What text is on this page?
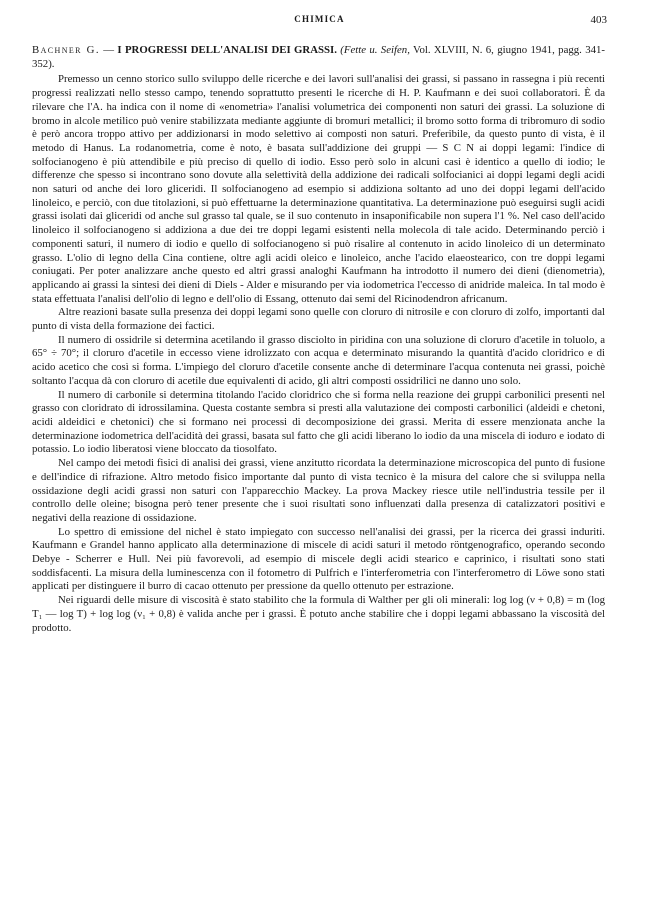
CHIMICA	403

Bachner G. — I PROGRESSI DELL'ANALISI DEI GRASSI. (Fette u. Seifen, Vol. XLVIII, N. 6, giugno 1941, pagg. 341-352).

Premesso un cenno storico sullo sviluppo delle ricerche e dei lavori sull'analisi dei grassi, si passano in rassegna i più recenti progressi realizzati nello stesso campo, tenendo soprattutto presenti le ricerche di H. P. Kaufmann e dei suoi collaboratori. È da rilevare che l'A. ha indica con il nome di «enometria» l'analisi volumetrica dei componenti non saturi dei grassi. La soluzione di bromo in alcole metilico può venire stabilizzata mediante aggiunte di bromuri metallici; il bromo sotto forma di tribromuro di sodio è però ancora troppo attivo per addizionarsi in modo selettivo ai composti non saturi. Preferibile, da questo punto di vista, è il metodo di Hanus. La rodanometria, come è noto, è basata sull'addizione dei gruppi — S C N ai doppi legami: l'indice di solfocianogeno è più attendibile e più preciso di quello di iodio. Esso però solo in alcuni casi è identico a quello di iodio; le differenze che spesso si incontrano sono dovute alla selettività della addizione dei radicali solfocianici ai doppi legami degli acidi non saturi od anche dei loro gliceridi. Il solfocianogeno ad esempio si addiziona soltanto ad uno dei doppi legami dell'acido linoleico, e perciò, con due titolazioni, si può effettuarne la determinazione quantitativa. La determinazione può eseguirsi sugli acidi grassi isolati dai gliceridi od anche sul grasso tal quale, se il suo contenuto in insaponificabile non supera l'1 %. Nel caso dell'acido linoleico il solfocianogeno si addiziona a due dei tre doppi legami esistenti nella molecola di tale acido. Determinando perciò i componenti saturi, il numero di iodio e quello di solfocianogeno si può risalire al contenuto in acido linoleico di un determinato grasso. L'olio di legno della Cina contiene, oltre agli acidi oleico e linoleico, anche l'acido elaeostearico, con tre doppi legami coniugati. Per poter analizzare anche questo ed altri grassi analoghi Kaufmann ha introdotto il numero dei dieni (dienometria), applicando ai grassi la sintesi dei dieni di Diels - Alder e misurando per via iodometrica l'eccesso di anidride maleica. In tal modo è stata effettuata l'analisi dell'olio di legno e dell'olio di Essang, ottenuto dai semi del Ricinodendron africanum.

Altre reazioni basate sulla presenza dei doppi legami sono quelle con cloruro di nitrosile e con cloruro di zolfo, importanti dal punto di vista della formazione dei factici.

Il numero di ossidrile si determina acetilando il grasso disciolto in piridina con una soluzione di cloruro d'acetile in toluolo, a 65° ÷ 70°; il cloruro d'acetile in eccesso viene idrolizzato con acqua e determinato misurando la quantità d'acido cloridrico e di acido acetico che così si forma. L'impiego del cloruro d'acetile consente anche di determinare l'acqua contenuta nei grassi, poichè soltanto l'acqua dà con cloruro di acetile due equivalenti di acido, gli altri composti ossidrilici ne danno uno solo.

Il numero di carbonile si determina titolando l'acido cloridrico che si forma nella reazione dei gruppi carbonilici presenti nel grasso con cloridrato di idrossilamina. Questa costante sembra si presti alla valutazione dei composti carbonilici (aldeidi e chetoni, acidi aldeidici e chetonici) che si formano nei processi di decomposizione dei grassi. Merita di essere menzionata anche la determinazione iodometrica dell'acidità dei grassi, basata sul fatto che gli acidi liberano lo iodio da una miscela di ioduro e iodato di potassio. Lo iodio liberatosi viene bloccato da tiosolfato.

Nel campo dei metodi fisici di analisi dei grassi, viene anzitutto ricordata la determinazione microscopica del punto di fusione e dell'indice di rifrazione. Altro metodo fisico importante dal punto di vista tecnico è la misura del calore che si sviluppa nella ossidazione degli acidi grassi non saturi con l'apparecchio Mackey. La prova Mackey riesce utile nell'industria tessile per il controllo delle oleine; bisogna però tener presente che i suoi risultati sono influenzati dalla presenza di catalizzatori positivi e negativi della reazione di ossidazione.

Lo spettro di emissione del nichel è stato impiegato con successo nell'analisi dei grassi, per la ricerca dei grassi induriti. Kaufmann e Grandel hanno applicato alla determinazione di miscele di acidi saturi il metodo röntgenografico, operando secondo Debye - Scherrer e Hull. Nei più favorevoli, ad esempio di miscele degli acidi stearico e caprinico, i risultati sono stati soddisfacenti. La misura della luminescenza con il fotometro di Pulfrich e l'interferometria con l'interferometro di Löwe sono stati applicati per distinguere il burro di cacao ottenuto per pressione da quello ottenuto per estrazione.

Nei riguardi delle misure di viscosità è stato stabilito che la formula di Walther per gli oli minerali: log log (ν + 0,8) = m (log T₁ — log T) + log log (ν₁ + 0,8) è valida anche per i grassi. È potuto anche stabilire che i doppi legami abbassano la viscosità del prodotto.
